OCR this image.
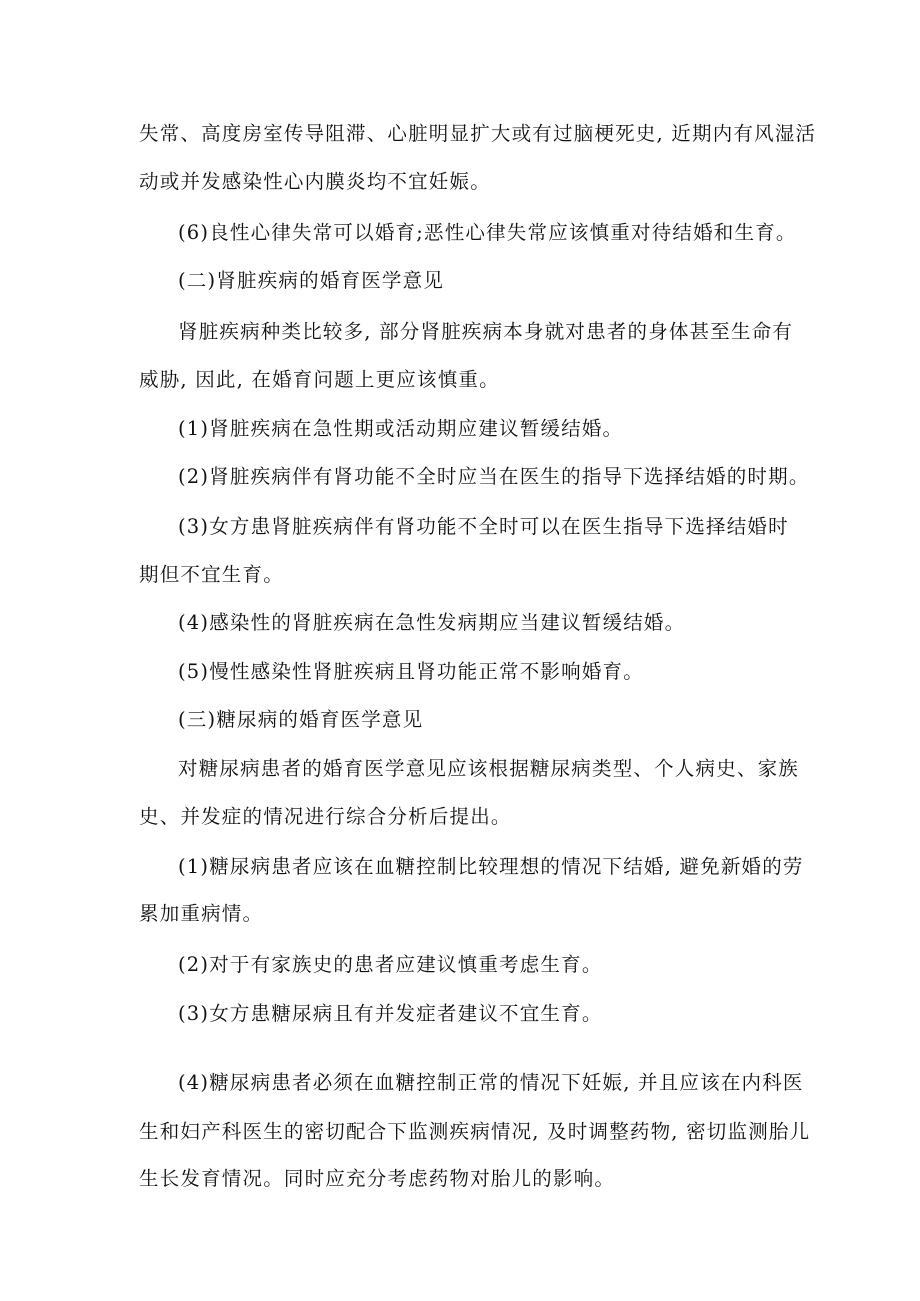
失常、高度房室传导阻滞、心脏明显扩大或有过脑梗死史, 近期内有风湿活
动或并发感染性心内膜炎均不宜妊娠。
(6)良性心律失常可以婚育;恶性心律失常应该慎重对待结婚和生育。
(二)肾脏疾病的婚育医学意见
肾脏疾病种类比较多, 部分肾脏疾病本身就对患者的身体甚至生命有
威胁, 因此, 在婚育问题上更应该慎重。
(1)肾脏疾病在急性期或活动期应建议暂缓结婚。
(2)肾脏疾病伴有肾功能不全时应当在医生的指导下选择结婚的时期。
(3)女方患肾脏疾病伴有肾功能不全时可以在医生指导下选择结婚时
期但不宜生育。
(4)感染性的肾脏疾病在急性发病期应当建议暂缓结婚。
(5)慢性感染性肾脏疾病且肾功能正常不影响婚育。
(三)糖尿病的婚育医学意见
对糖尿病患者的婚育医学意见应该根据糖尿病类型、个人病史、家族
史、并发症的情况进行综合分析后提出。
(1)糖尿病患者应该在血糖控制比较理想的情况下结婚, 避免新婚的劳
累加重病情。
(2)对于有家族史的患者应建议慎重考虑生育。
(3)女方患糖尿病且有并发症者建议不宜生育。
(4)糖尿病患者必须在血糖控制正常的情况下妊娠, 并且应该在内科医
生和妇产科医生的密切配合下监测疾病情况, 及时调整药物, 密切监测胎儿
生长发育情况。同时应充分考虑药物对胎儿的影响。
